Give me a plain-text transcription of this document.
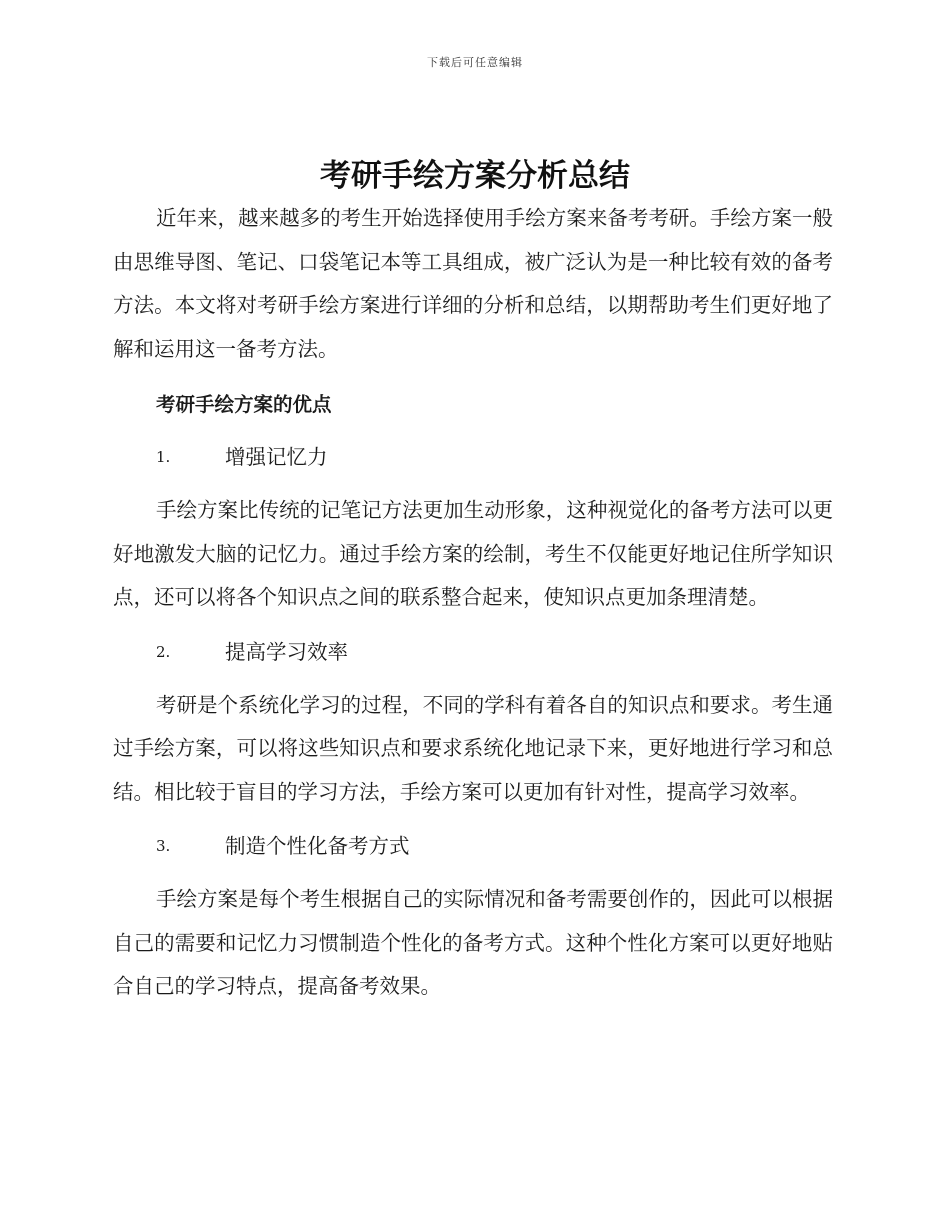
下载后可任意编辑
考研手绘方案分析总结

近年来，越来越多的考生开始选择使用手绘方案来备考考研。手绘方案一般由思维导图、笔记、口袋笔记本等工具组成，被广泛认为是一种比较有效的备考方法。本文将对考研手绘方案进行详细的分析和总结，以期帮助考生们更好地了解和运用这一备考方法。

考研手绘方案的优点
1.	增强记忆力

手绘方案比传统的记笔记方法更加生动形象，这种视觉化的备考方法可以更好地激发大脑的记忆力。通过手绘方案的绘制，考生不仅能更好地记住所学知识点，还可以将各个知识点之间的联系整合起来，使知识点更加条理清楚。

2.	提高学习效率

考研是个系统化学习的过程，不同的学科有着各自的知识点和要求。考生通过手绘方案，可以将这些知识点和要求系统化地记录下来，更好地进行学习和总结。相比较于盲目的学习方法，手绘方案可以更加有针对性，提高学习效率。

3.	制造个性化备考方式

手绘方案是每个考生根据自己的实际情况和备考需要创作的，因此可以根据自己的需要和记忆力习惯制造个性化的备考方式。这种个性化方案可以更好地贴合自己的学习特点，提高备考效果。
